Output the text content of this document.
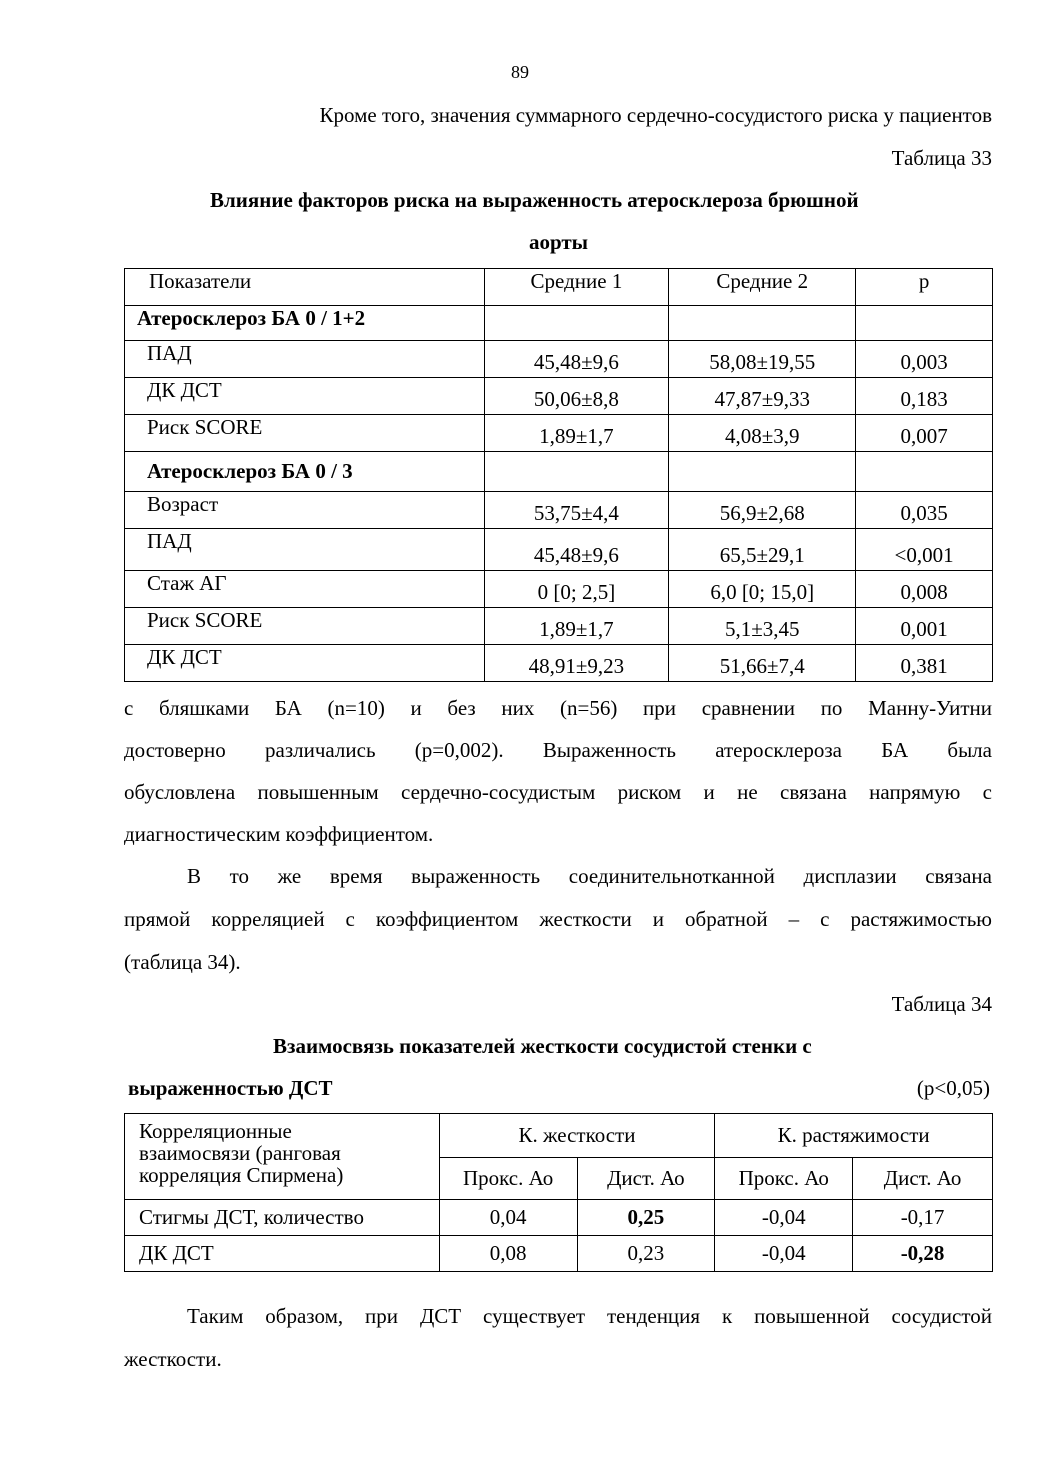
89
Кроме того, значения суммарного сердечно-сосудистого риска у пациентов
Таблица 33
Влияние факторов риска на выраженность атеросклероза брюшной
аорты
Показатели	Средние 1	Средние 2	p
Атеросклероз БА 0 / 1+2			
ПАД	45,48±9,6	58,08±19,55	0,003
ДК ДСТ	50,06±8,8	47,87±9,33	0,183
Риск SCORE	1,89±1,7	4,08±3,9	0,007
Атеросклероз БА 0 / 3			
Возраст	53,75±4,4	56,9±2,68	0,035
ПАД	45,48±9,6	65,5±29,1	<0,001
Стаж АГ	0 [0; 2,5]	6,0 [0; 15,0]	0,008
Риск SCORE	1,89±1,7	5,1±3,45	0,001
ДК ДСТ	48,91±9,23	51,66±7,4	0,381
с бляшками БА (n=10) и без них (n=56) при сравнении по Манну-Уитни
достоверно различались (р=0,002). Выраженность атеросклероза БА была
обусловлена повышенным сердечно-сосудистым риском и не связана напрямую с
диагностическим коэффициентом.
В то же время выраженность соединительнотканной дисплазии связана
прямой корреляцией с коэффициентом жесткости и обратной – с растяжимостью
(таблица 34).
Таблица 34
Взаимосвязь показателей жесткости сосудистой стенки с
выраженностью ДСТ	(p<0,05)
Корреляционные
взаимосвязи (ранговая
корреляция Спирмена)	К. жесткости		К. растяжимости	
	Прокс. Ао	Дист. Ао	Прокс. Ао	Дист. Ао
Стигмы ДСТ, количество	0,04	0,25	-0,04	-0,17
ДК ДСТ	0,08	0,23	-0,04	-0,28
Таким образом, при ДСТ существует тенденция к повышенной сосудистой
жесткости.
